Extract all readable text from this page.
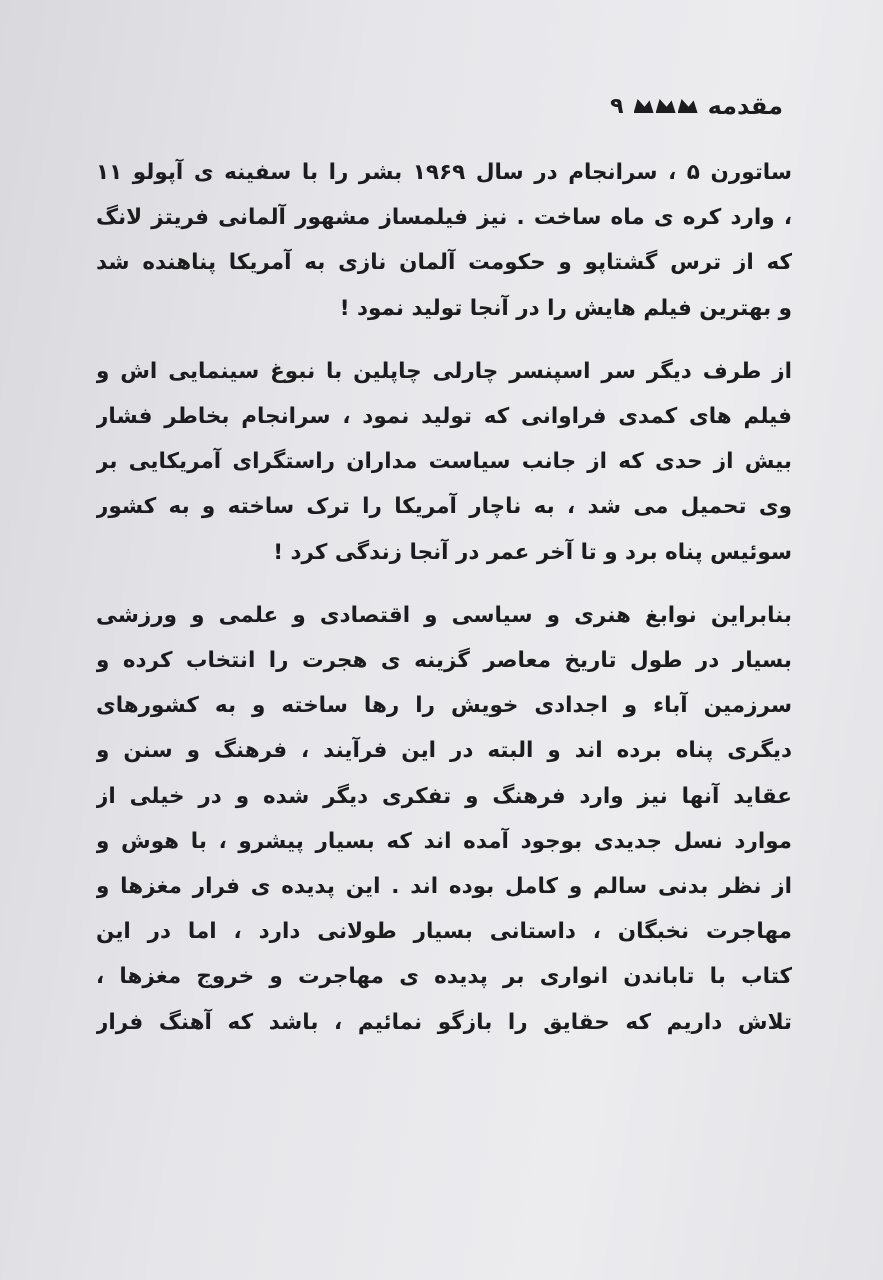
مقدمه
۹
ساتورن ۵ ، سرانجام در سال ۱۹۶۹ بشر را با سفینه ی آپولو ۱۱
، وارد کره ی ماه ساخت . نیز فیلمساز مشهور آلمانی فریتز لانگ
که از ترس گشتاپو و حکومت آلمان نازی به آمریکا پناهنده شد
و بهترین فیلم هایش را در آنجا تولید نمود !
از طرف دیگر سر اسپنسر چارلی چاپلین با نبوغ سینمایی اش و
فیلم های کمدی فراوانی که تولید نمود ، سرانجام بخاطر فشار
بیش از حدی که از جانب سیاست مداران راستگرای آمریکایی بر
وی تحمیل می شد ، به ناچار آمریکا را ترک ساخته و به کشور
سوئیس پناه برد و تا آخر عمر در آنجا زندگی کرد !
بنابراین نوابغ هنری و سیاسی و اقتصادی و علمی و ورزشی
بسیار در طول تاریخ معاصر گزینه ی هجرت را انتخاب کرده و
سرزمین آباء و اجدادی خویش را رها ساخته و به کشورهای
دیگری پناه برده اند و البته در این فرآیند ، فرهنگ و سنن و
عقاید آنها نیز وارد فرهنگ و تفکری دیگر شده و در خیلی از
موارد نسل جدیدی بوجود آمده اند که بسیار پیشرو ، با هوش و
از نظر بدنی سالم و کامل بوده اند . این پدیده ی فرار مغزها و
مهاجرت نخبگان ، داستانی بسیار طولانی دارد ، اما در این
کتاب با تاباندن انواری بر پدیده ی مهاجرت و خروج مغزها ،
تلاش داریم که حقایق را بازگو نمائیم ، باشد که آهنگ فرار
